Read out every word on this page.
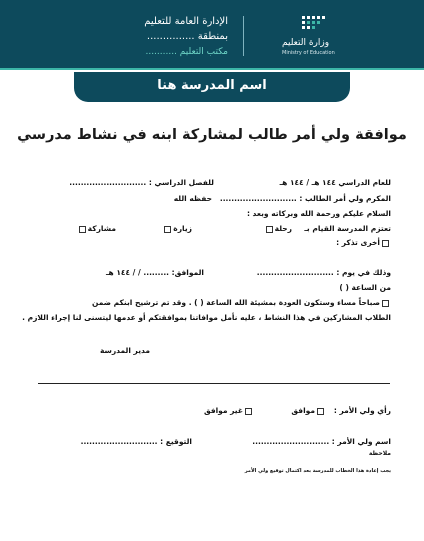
وزارة التعليم
Ministry of Education
الإدارة العامة للتعليم
بمنطقة ...............
مكتب التعليم ...........
اسم المدرسة هنا
موافقة ولي أمر طالب لمشاركة ابنه في نشاط مدرسي
للعام الدراسي ١٤٤ هـ / ١٤٤ هـ
للفصل الدراسي : ...........................
المكرم ولي أمر الطالب : ...........................
حفظه الله
السلام عليكم ورحمة الله وبركاته وبعد :
تعتزم المدرسة القيام بـ
رحلة
زيارة
مشاركة
أخرى تذكر :
وذلك في يوم : ...........................
الموافق: ......... / / ١٤٤ هـ
من الساعة ( )
صباحاً مساء وستكون العودة بمشيئة الله الساعة ( ) . وقد تم ترشيح ابنكم ضمن
الطلاب المشاركين في هذا النشاط ، عليه نأمل موافاتنا بموافقتكم أو عدمها ليتسنى لنا إجراء اللازم .
مدير المدرسة
رأي ولي الأمر :
موافق
غير موافق
اسم ولي الأمر : ...........................
التوقيع : ...........................
ملاحظة
يجب إعادة هذا الخطاب للمدرسة بعد اكتمال توقيع ولي الأمر
